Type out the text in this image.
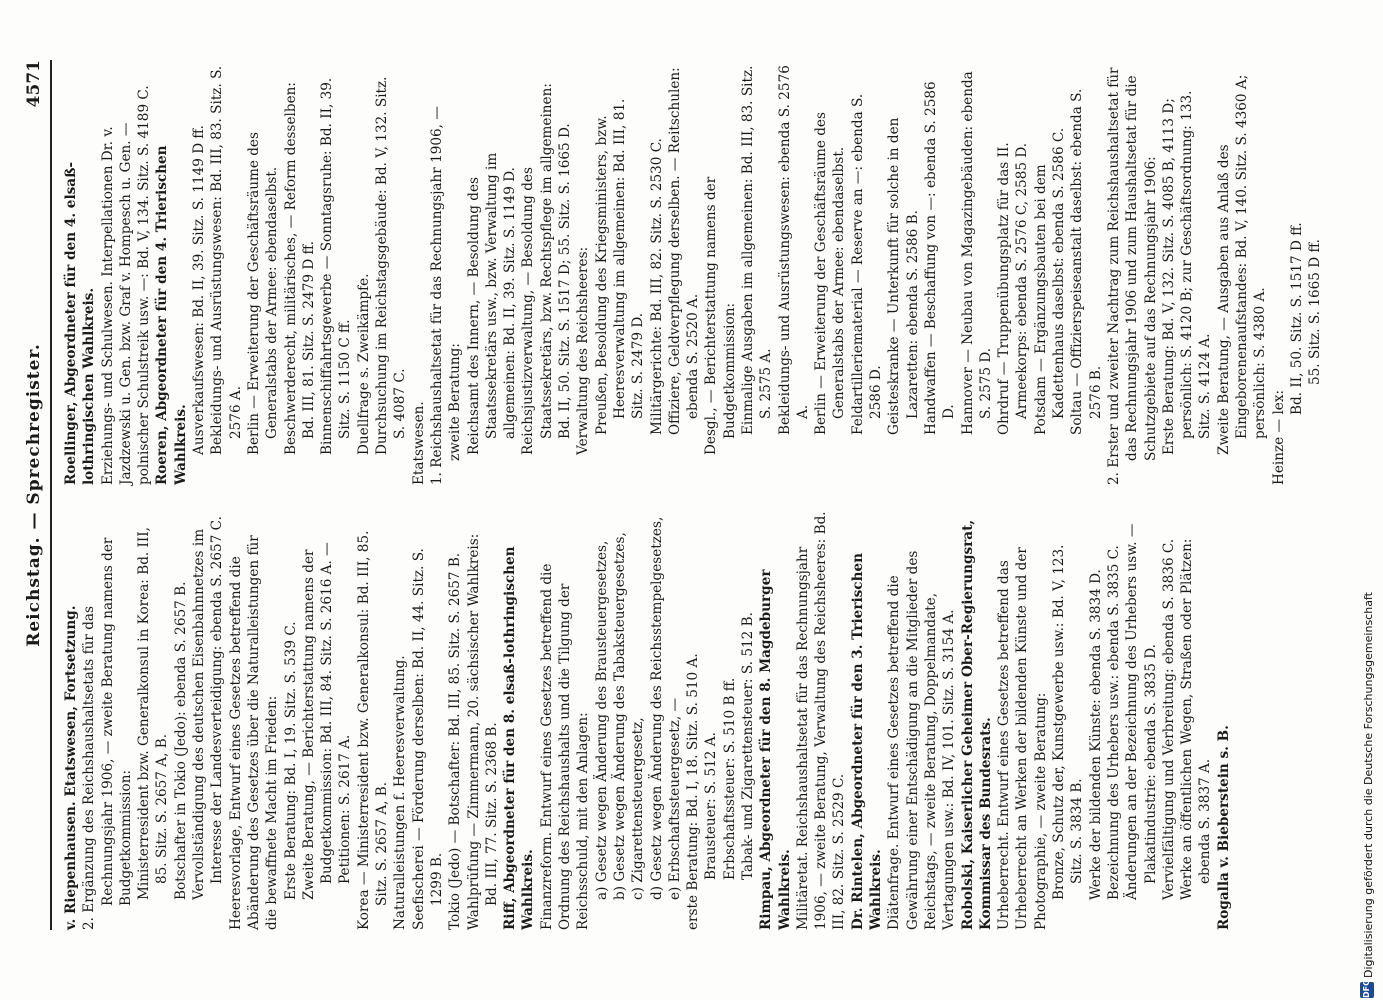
Reichstag. — Sprechregister.
4571

v. Riepenhausen. Etatswesen, Fortsetzung. 2. Ergänzung des Reichshaushaltsetats für das Rechnungsjahr 1906, — zweite Beratung namens der Budgetkommission: Ministerresident bzw. Generalkonsul in Korea: Bd. III, 85. Sitz. S. 2657 A, B. Botschafter in Tokio (Jedo): ebenda S. 2657 B. Vervollständigung des deutschen Eisenbahnnetzes im Interesse der Landesverteidigung: ebenda S. 2657 C. Heeresvorlage, Entwurf eines Gesetzes betreffend die Abänderung des Gesetzes über die Naturalleistungen für die bewaffnete Macht im Frieden: Erste Beratung: Bd. I, 19. Sitz. S. 539 C. Zweite Beratung, — Berichterstattung namens der Budgetkommission: Bd. III, 84. Sitz. S. 2616 A. — Petitionen: S. 2617 A. Korea — Ministerresident bzw. Generalkonsul: Bd. III, 85. Sitz. S. 2657 A, B. Naturalleistungen f. Heeresverwaltung. Seefischerei — Förderung derselben: Bd. II, 44. Sitz. S. 1299 B. Tokio (Jedo) — Botschafter: Bd. III, 85. Sitz. S. 2657 B. Wahlprüfung — Zimmermann, 20. sächsischer Wahlkreis: Bd. III, 77. Sitz. S. 2368 B. Riff, Abgeordneter für den 8. elsaß-lothringischen Wahlkreis. Finanzreform. Entwurf eines Gesetzes betreffend die Ordnung des Reichshaushalts und die Tilgung der Reichsschuld, mit den Anlagen: a) Gesetz wegen Änderung des Brausteuergesetzes, b) Gesetz wegen Änderung des Tabaksteuergesetzes, c) Zigarettensteuergesetz, d) Gesetz wegen Änderung des Reichsstempelgesetzes, e) Erbschaftssteuergesetz, — erste Beratung: Bd. I, 18. Sitz. S. 510 A. Brausteuer: S. 512 A. Erbschaftssteuer: S. 510 B ff. Tabak- und Zigarettensteuer: S. 512 B. Rimpau, Abgeordneter für den 8. Magdeburger Wahlkreis. Militäretat. Reichshaushaltsetat für das Rechnungsjahr 1906, — zweite Beratung, Verwaltung des Reichsheeres: Bd. III, 82. Sitz. S. 2529 C. Dr. Rintelen, Abgeordneter für den 3. Trierischen Wahlkreis. Diätenfrage. Entwurf eines Gesetzes betreffend die Gewährung einer Entschädigung an die Mitglieder des Reichstags, — zweite Beratung, Doppelmandate, Vertagungen usw.: Bd. IV, 101. Sitz. S. 3154 A. Robolski, Kaiserlicher Geheimer Ober-Regierungsrat, Kommissar des Bundesrats. Urheberrecht. Entwurf eines Gesetzes betreffend das Urheberrecht an Werken der bildenden Künste und der Photographie, — zweite Beratung: Bronze, Schutz der, Kunstgewerbe usw.: Bd. V, 123. Sitz. S. 3834 B. Werke der bildenden Künste: ebenda S. 3834 D. Bezeichnung des Urhebers usw.: ebenda S. 3835 C. Änderungen an der Bezeichnung des Urhebers usw. — Plakatindustrie: ebenda S. 3835 D. Vervielfältigung und Verbreitung: ebenda S. 3836 C. Werke an öffentlichen Wegen, Straßen oder Plätzen: ebenda S. 3837 A. Rogalla v. Bieberstein s. B.

Roellinger, Abgeordneter für den 4. elsaß-lothringischen Wahlkreis. Erziehungs- und Schulwesen. Interpellationen Dr. v. Jazdzewski u. Gen. bzw. Graf v. Hompesch u. Gen. — polnischer Schulstreik usw. —: Bd. V, 134. Sitz. S. 4189 C. Roeren, Abgeordneter für den 4. Trierischen Wahlkreis. Ausverkaufswesen: Bd. II, 39. Sitz. S. 1149 D ff. Bekleidungs- und Ausrüstungswesen: Bd. III, 83. Sitz. S. 2576 A. Berlin — Erweiterung der Geschäftsräume des Generalstabs der Armee: ebendaselbst. Beschwerderecht, militärisches, — Reform desselben: Bd. III, 81. Sitz. S. 2479 D ff. Binnenschiffahrtsgewerbe — Sonntagsruhe: Bd. II, 39. Sitz. S. 1150 C ff. Duellfrage s. Zweikämpfe. Durchsuchung im Reichstagsgebäude: Bd. V, 132. Sitz. S. 4087 C. Etatswesen. 1. Reichshaushaltsetat für das Rechnungsjahr 1906, — zweite Beratung: Reichsamt des Innern, — Besoldung des Staatssekretärs usw., bzw. Verwaltung im allgemeinen: Bd. II, 39. Sitz. S. 1149 D. Reichsjustizverwaltung, — Besoldung des Staatssekretärs, bzw. Rechtspflege im allgemeinen: Bd. II, 50. Sitz. S. 1517 D; 55. Sitz. S. 1665 D. Verwaltung des Reichsheeres: Preußen, Besoldung des Kriegsministers, bzw. Heeresverwaltung im allgemeinen: Bd. III, 81. Sitz. S. 2479 D. Militärgerichte: Bd. III, 82. Sitz. S. 2530 C. Offiziere, Geldverpflegung derselben. — Reitschulen: ebenda S. 2520 A. Desgl., — Berichterstattung namens der Budgetkommission: Einmalige Ausgaben im allgemeinen: Bd. III, 83. Sitz. S. 2575 A. Bekleidungs- und Ausrüstungswesen: ebenda S. 2576 A. Berlin — Erweiterung der Geschäftsräume des Generalstabs der Armee: ebendaselbst. Feldartilleriematerial — Reserve an —: ebenda S. 2586 D. Geisteskranke — Unterkunft für solche in den Lazaretten: ebenda S. 2586 B. Handwaffen — Beschaffung von —: ebenda S. 2586 D. Hannover — Neubau von Magazingebäuden: ebenda S. 2575 D. Ohrdruf — Truppenübungsplatz für das II. Armeekorps: ebenda S. 2576 C, 2585 D. Potsdam — Ergänzungsbauten bei dem Kadettenhaus daselbst: ebenda S. 2586 C. Soltau — Offizierspeiseanstalt daselbst: ebenda S. 2576 B. 2. Erster und zweiter Nachtrag zum Reichshaushaltsetat für das Rechnungsjahr 1906 und zum Haushaltsetat für die Schutzgebiete auf das Rechnungsjahr 1906: Erste Beratung: Bd. V, 132. Sitz. S. 4085 B, 4113 D; persönlich: S. 4120 B; zur Geschäftsordnung: 133. Sitz. S. 4124 A. Zweite Beratung, — Ausgaben aus Anlaß des Eingeborenenaufstandes: Bd. V, 140. Sitz. S. 4360 A; persönlich: S. 4380 A. Heinze — lex:

Bd. II, 50. Sitz. S. 1517 D ff. 55. Sitz. S. 1665 D ff.

DFG
Digitalisierung gefördert durch die Deutsche Forschungsgemeinschaft
